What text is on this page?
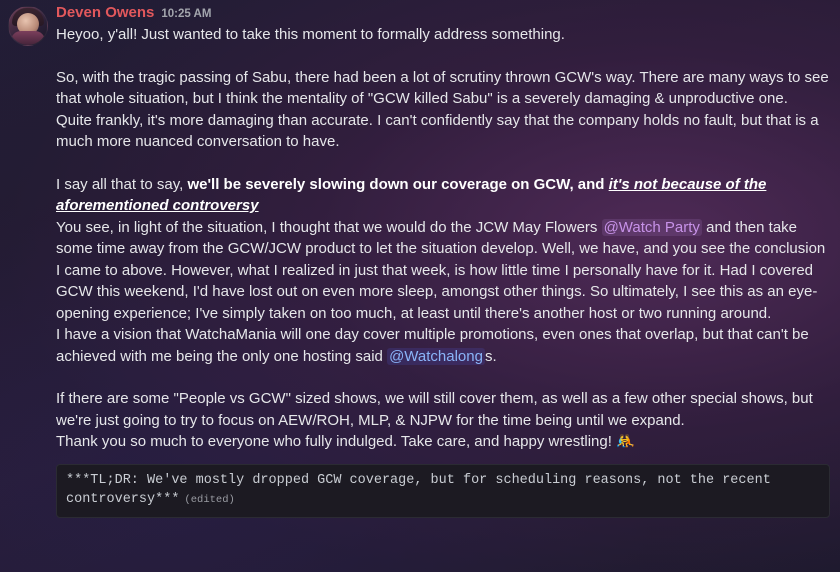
Deven Owens 10:25 AM

Heyoo, y'all! Just wanted to take this moment to formally address something.

So, with the tragic passing of Sabu, there had been a lot of scrutiny thrown GCW's way. There are many ways to see that whole situation, but I think the mentality of "GCW killed Sabu" is a severely damaging & unproductive one.

Quite frankly, it's more damaging than accurate. I can't confidently say that the company holds no fault, but that is a much more nuanced conversation to have.

I say all that to say, we'll be severely slowing down our coverage on GCW, and it's not because of the aforementioned controversy

You see, in light of the situation, I thought that we would do the JCW May Flowers @Watch Party and then take some time away from the GCW/JCW product to let the situation develop. Well, we have, and you see the conclusion I came to above. However, what I realized in just that week, is how little time I personally have for it. Had I covered GCW this weekend, I'd have lost out on even more sleep, amongst other things. So ultimately, I see this as an eye-opening experience; I've simply taken on too much, at least until there's another host or two running around.

I have a vision that WatchaMania will one day cover multiple promotions, even ones that overlap, but that can't be achieved with me being the only one hosting said @Watchalong s.

If there are some "People vs GCW" sized shows, we will still cover them, as well as a few other special shows, but we're just going to try to focus on AEW/ROH, MLP, & NJPW for the time being until we expand.

Thank you so much to everyone who fully indulged. Take care, and happy wrestling! 🤼

***TL;DR: We've mostly dropped GCW coverage, but for scheduling reasons, not the recent controversy*** (edited)
